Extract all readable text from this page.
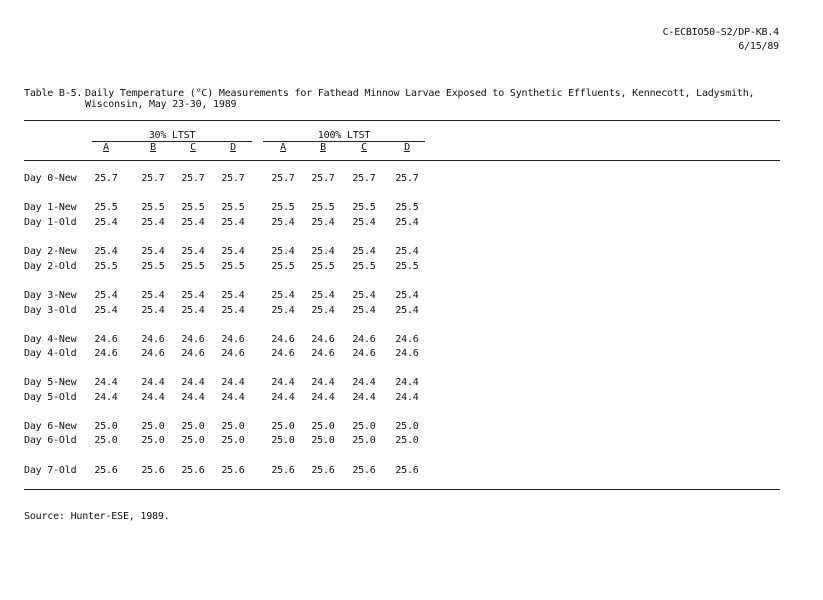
C-ECBIO50-S2/DP-KB.4
6/15/89
Table B-5. Daily Temperature (°C) Measurements for Fathead Minnow Larvae Exposed to Synthetic Effluents, Kennecott, Ladysmith, Wisconsin, May 23-30, 1989
30% LTST	100% LTST
A	B	C	D	A	B	C	D
Day 0-New	25.7	25.7	25.7	25.7	25.7	25.7	25.7	25.7
Day 1-New	25.5	25.5	25.5	25.5	25.5	25.5	25.5	25.5
Day 1-Old	25.4	25.4	25.4	25.4	25.4	25.4	25.4	25.4
Day 2-New	25.4	25.4	25.4	25.4	25.4	25.4	25.4	25.4
Day 2-Old	25.5	25.5	25.5	25.5	25.5	25.5	25.5	25.5
Day 3-New	25.4	25.4	25.4	25.4	25.4	25.4	25.4	25.4
Day 3-Old	25.4	25.4	25.4	25.4	25.4	25.4	25.4	25.4
Day 4-New	24.6	24.6	24.6	24.6	24.6	24.6	24.6	24.6
Day 4-Old	24.6	24.6	24.6	24.6	24.6	24.6	24.6	24.6
Day 5-New	24.4	24.4	24.4	24.4	24.4	24.4	24.4	24.4
Day 5-Old	24.4	24.4	24.4	24.4	24.4	24.4	24.4	24.4
Day 6-New	25.0	25.0	25.0	25.0	25.0	25.0	25.0	25.0
Day 6-Old	25.0	25.0	25.0	25.0	25.0	25.0	25.0	25.0
Day 7-Old	25.6	25.6	25.6	25.6	25.6	25.6	25.6	25.6
Source: Hunter-ESE, 1989.
